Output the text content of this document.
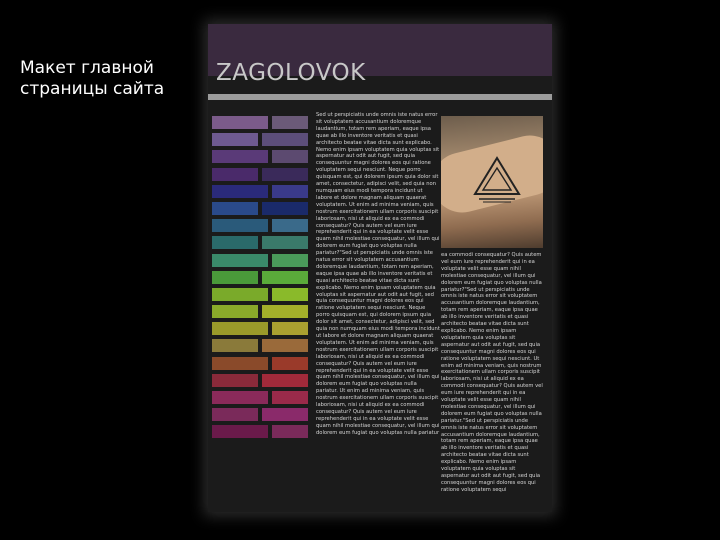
Макет главной страницы сайта
ZAGOLOVOK
Sed ut perspiciatis unde omnis iste natus error sit voluptatem accusantium doloremque laudantium, totam rem aperiam, eaque ipsa quae ab illo inventore veritatis et quasi architecto beatae vitae dicta sunt explicabo. Nemo enim ipsam voluptatem quia voluptas sit aspernatur aut odit aut fugit, sed quia consequuntur magni dolores eos qui ratione voluptatem sequi nesciunt. Neque porro quisquam est, qui dolorem ipsum quia dolor sit amet, consectetur, adipisci velit, sed quia non numquam eius modi tempora incidunt ut labore et dolore magnam aliquam quaerat voluptatem. Ut enim ad minima veniam, quis nostrum exercitationem ullam corporis suscipit laboriosam, nisi ut aliquid ex ea commodi consequatur? Quis autem vel eum iure reprehenderit qui in ea voluptate velit esse quam nihil molestiae consequatur, vel illum qui dolorem eum fugiat quo voluptas nulla pariatur?"Sed ut perspiciatis unde omnis iste natus error sit voluptatem accusantium doloremque laudantium, totam rem aperiam, eaque ipsa quae ab illo inventore veritatis et quasi architecto beatae vitae dicta sunt explicabo. Nemo enim ipsam voluptatem quia voluptas sit aspernatur aut odit aut fugit, sed quia consequuntur magni dolores eos qui ratione voluptatem sequi nesciunt. Neque porro quisquam est, qui dolorem ipsum quia dolor sit amet, consectetur, adipisci velit, sed quia non numquam eius modi tempora incidunt ut labore et dolore magnam aliquam quaerat voluptatem. Ut enim ad minima veniam, quis nostrum exercitationem ullam corporis suscipit laboriosam, nisi ut aliquid ex ea commodi consequatur? Quis autem vel eum iure reprehenderit qui in ea voluptate velit esse quam nihil molestiae consequatur, vel illum qui dolorem eum fugiat quo voluptas nulla pariatur. Ut enim ad minima veniam, quis nostrum exercitationem ullam corporis suscipit laboriosam, nisi ut aliquid ex ea commodi consequatur? Quis autem vel eum iure reprehenderit qui in ea voluptate velit esse quam nihil molestiae consequatur, vel illum qui dolorem eum fugiat quo voluptas nulla pariatur
ea commodi consequatur? Quis autem vel eum iure reprehenderit qui in ea voluptate velit esse quam nihil molestiae consequatur, vel illum qui dolorem eum fugiat quo voluptas nulla pariatur?"Sed ut perspiciatis unde omnis iste natus error sit voluptatem accusantium doloremque laudantium, totam rem aperiam, eaque ipsa quae ab illo inventore veritatis et quasi architecto beatae vitae dicta sunt explicabo. Nemo enim ipsam voluptatem quia voluptas sit aspernatur aut odit aut fugit, sed quia consequuntur magni dolores eos qui ratione voluptatem sequi nesciunt. Ut enim ad minima veniam, quis nostrum exercitationem ullam corporis suscipit laboriosam, nisi ut aliquid ex ea commodi consequatur? Quis autem vel eum iure reprehenderit qui in ea voluptate velit esse quam nihil molestiae consequatur, vel illum qui dolorem eum fugiat quo voluptas nulla pariatur."Sed ut perspiciatis unde omnis iste natus error sit voluptatem accusantium doloremque laudantium, totam rem aperiam, eaque ipsa quae ab illo inventore veritatis et quasi architecto beatae vitae dicta sunt explicabo. Nemo enim ipsam voluptatem quia voluptas sit aspernatur aut odit aut fugit, sed quia consequuntur magni dolores eos qui ratione voluptatem sequi
